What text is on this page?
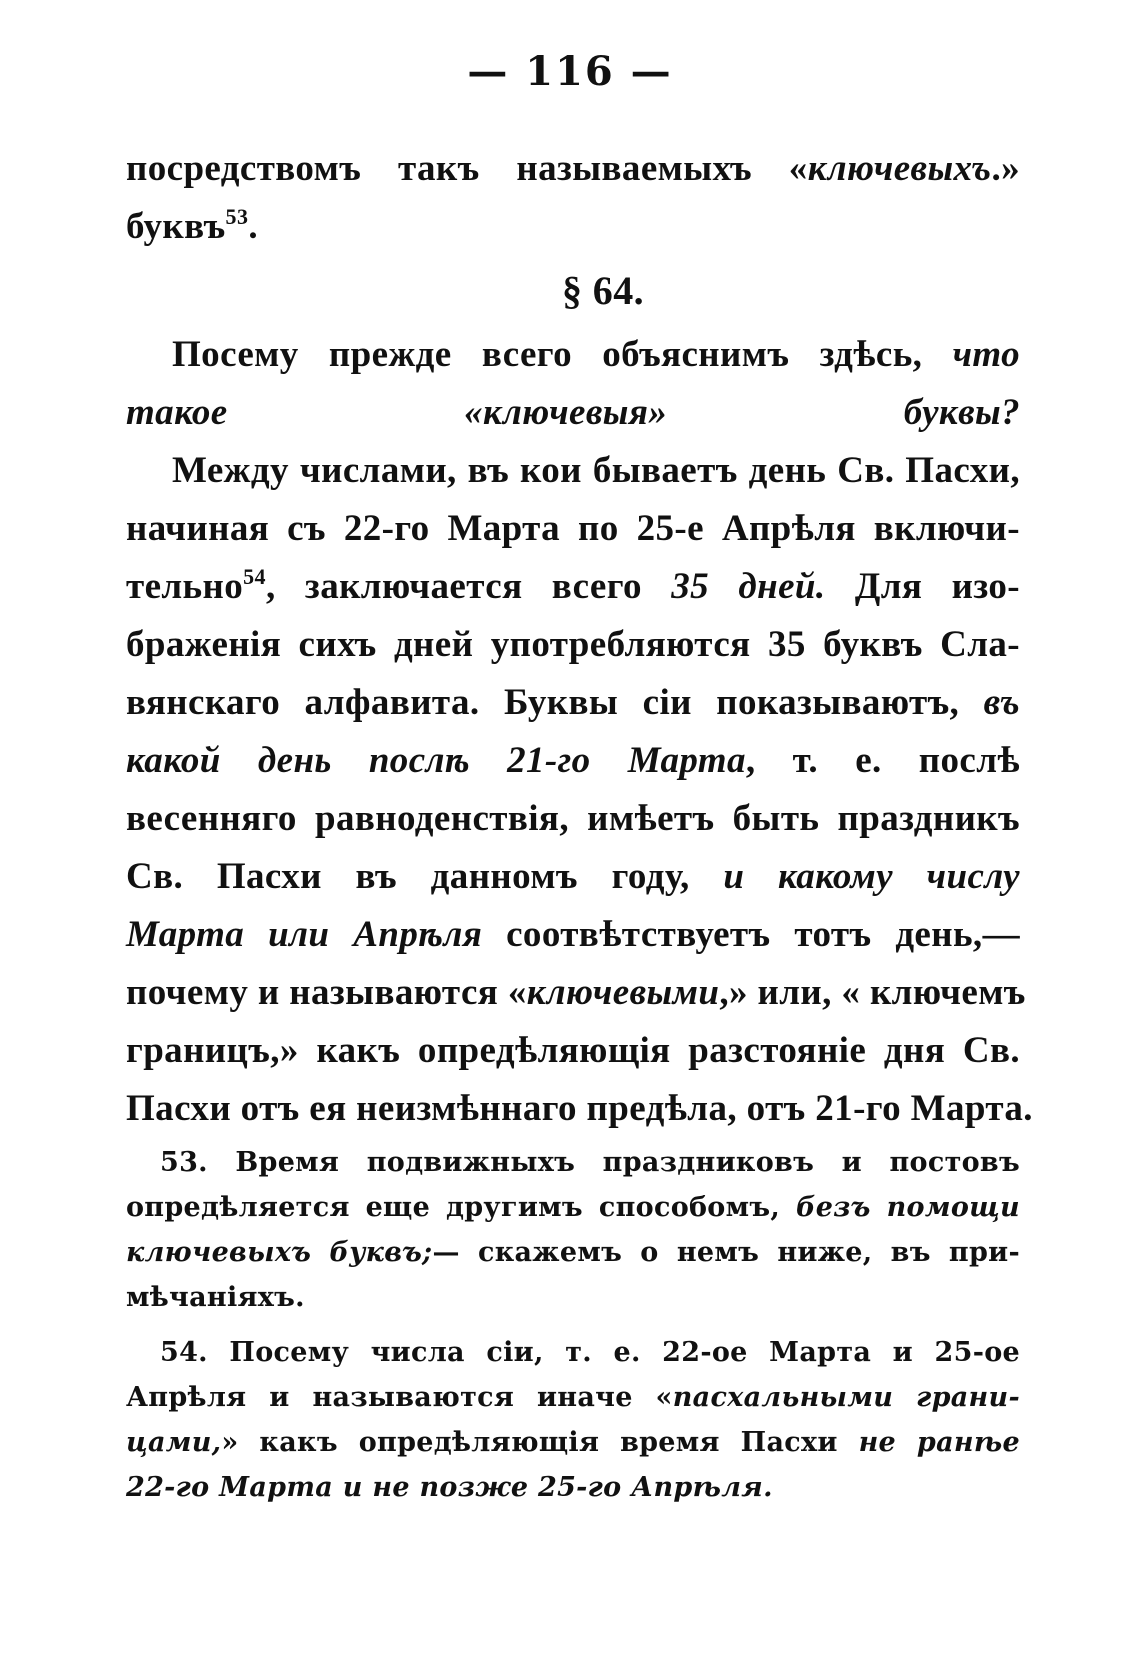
— 116 —
посредствомъ такъ называемыхъ «ключевыхъ.»
буквъ$^{53}$.
§ 64.
Посему прежде всего объяснимъ здѣсь, что
такое «ключевыя» буквы?
Между числами, въ кои бываетъ день Св. Пасхи,
начиная съ 22-го Марта по 25-е Апрѣля включи-
тельно$^{54}$, заключается всего 35 дней. Для изо-
браженія сихъ дней употребляются 35 буквъ Сла-
вянскаго алфавита. Буквы сіи показываютъ, въ
какой день послѣ 21-го Марта, т. е. послѣ
весенняго равноденствія, имѣетъ быть праздникъ
Св. Пасхи въ данномъ году, и какому числу
Марта или Апрѣля соотвѣтствуетъ тотъ день,—
почему и называются «ключевыми,» или, « ключемъ
границъ,» какъ опредѣляющія разстояніе дня Св.
Пасхи отъ ея неизмѣннаго предѣла, отъ 21-го Марта.
53. Время подвижныхъ праздниковъ и постовъ
опредѣляется еще другимъ способомъ, безъ помощи
ключевыхъ буквъ;— скажемъ о немъ ниже, въ при-
мѣчаніяхъ.
54. Посему числа сіи, т. е. 22-ое Марта и 25-ое
Апрѣля и называются иначе «пасхальными грани-
цами,» какъ опредѣляющія время Пасхи не ранѣе
22-го Марта и не позже 25-го Апрѣля.
